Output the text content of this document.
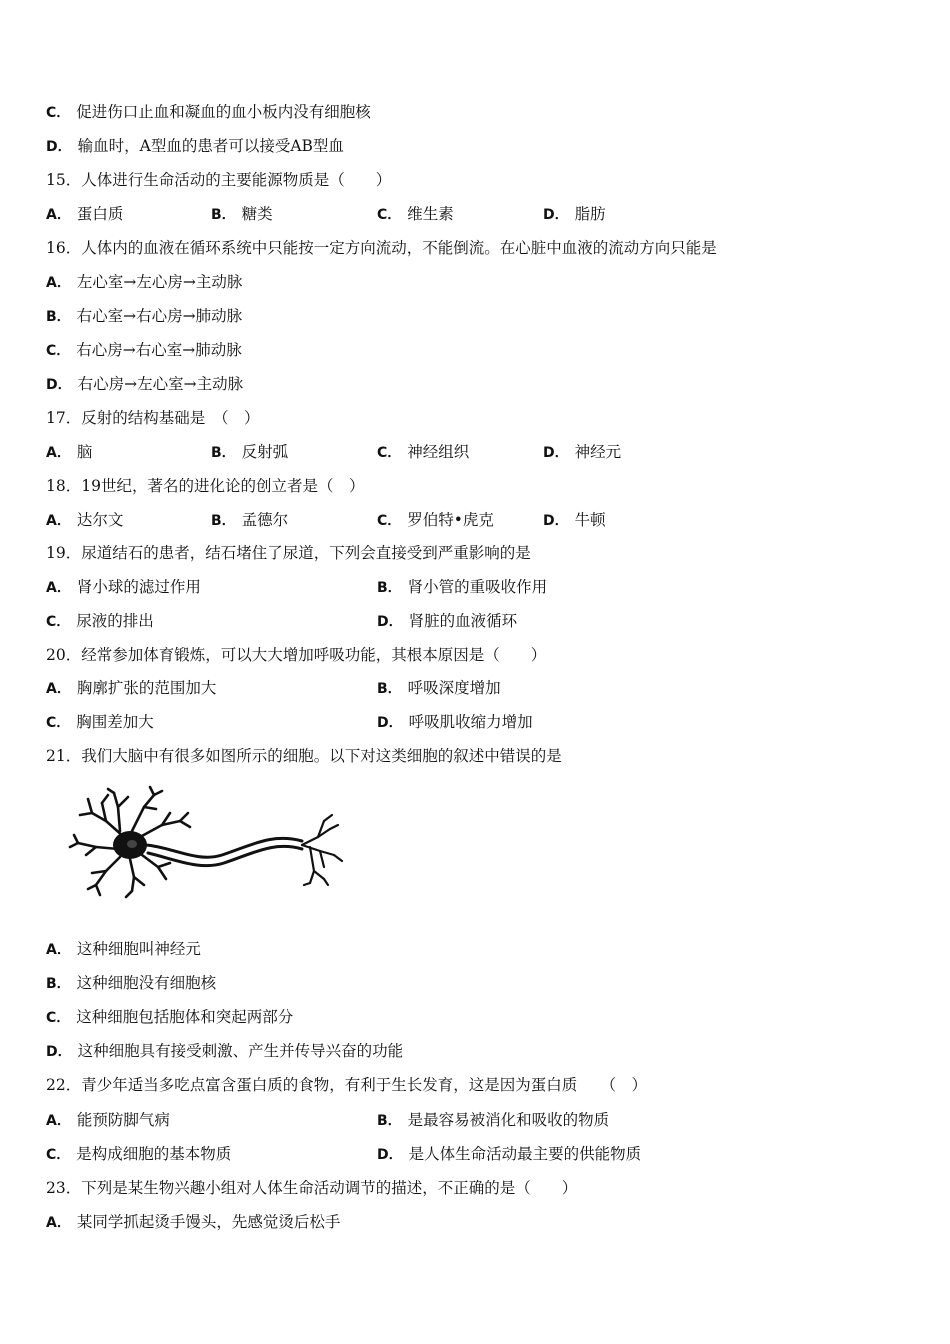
C． 促进伤口止血和凝血的血小板内没有细胞核
D． 输血时，A型血的患者可以接受AB型血
15．人体进行生命活动的主要能源物质是（　　）
A． 蛋白质	B． 糖类	C． 维生素	D． 脂肪
16．人体内的血液在循环系统中只能按一定方向流动，不能倒流。在心脏中血液的流动方向只能是
A． 左心室→左心房→主动脉
B． 右心室→右心房→肺动脉
C． 右心房→右心室→肺动脉
D． 右心房→左心室→主动脉
17．反射的结构基础是　（　）
A． 脑	B． 反射弧	C． 神经组织	D． 神经元
18．19世纪，著名的进化论的创立者是（　）
A． 达尔文	B． 孟德尔	C． 罗伯特•虎克	D． 牛顿
19．尿道结石的患者，结石堵住了尿道，下列会直接受到严重影响的是
A． 肾小球的滤过作用	B． 肾小管的重吸收作用
C． 尿液的排出	D． 肾脏的血液循环
20．经常参加体育锻炼，可以大大增加呼吸功能，其根本原因是（　　）
A． 胸廓扩张的范围加大	B． 呼吸深度增加
C． 胸围差加大	D． 呼吸肌收缩力增加
21．我们大脑中有很多如图所示的细胞。以下对这类细胞的叙述中错误的是
A． 这种细胞叫神经元
B． 这种细胞没有细胞核
C． 这种细胞包括胞体和突起两部分
D． 这种细胞具有接受刺激、产生并传导兴奋的功能
22．青少年适当多吃点富含蛋白质的食物，有利于生长发育，这是因为蛋白质　　（　）
A． 能预防脚气病	B． 是最容易被消化和吸收的物质
C． 是构成细胞的基本物质	D． 是人体生命活动最主要的供能物质
23．下列是某生物兴趣小组对人体生命活动调节的描述，不正确的是（　　）
A． 某同学抓起烫手馒头，先感觉烫后松手
